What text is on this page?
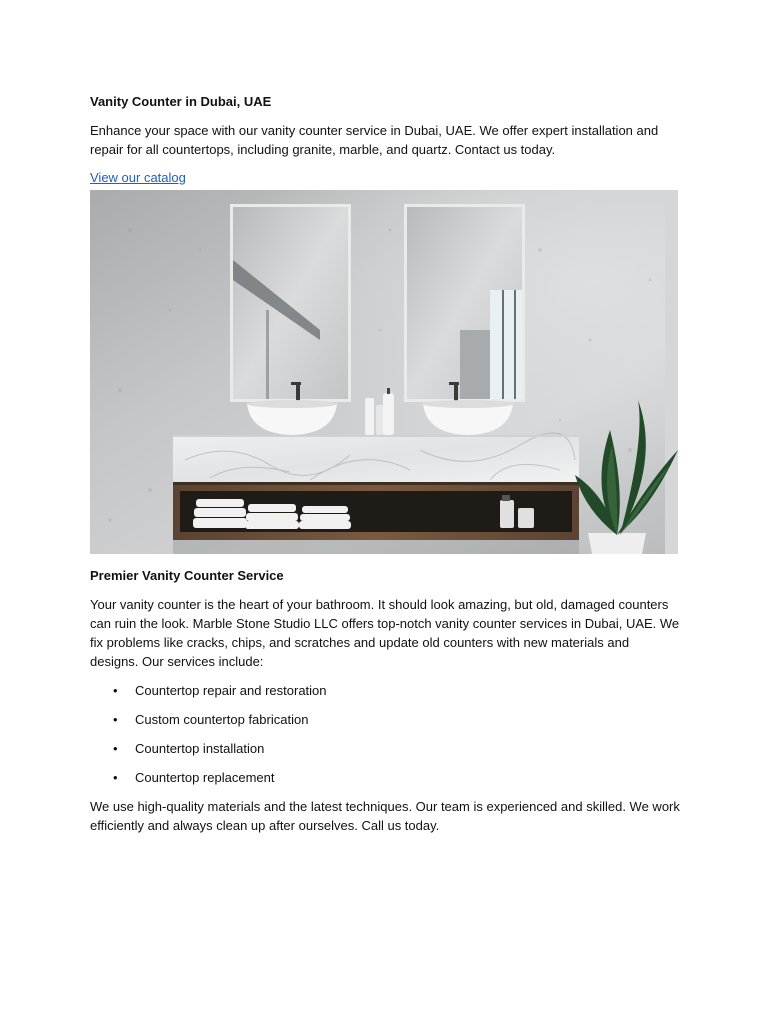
Vanity Counter in Dubai, UAE

Enhance your space with our vanity counter service in Dubai, UAE. We offer expert installation and repair for all countertops, including granite, marble, and quartz. Contact us today.

View our catalog
Premier Vanity Counter Service

Your vanity counter is the heart of your bathroom. It should look amazing, but old, damaged counters can ruin the look. Marble Stone Studio LLC offers top-notch vanity counter services in Dubai, UAE. We fix problems like cracks, chips, and scratches and update old counters with new materials and designs. Our services include:

• Countertop repair and restoration
• Custom countertop fabrication
• Countertop installation
• Countertop replacement

We use high-quality materials and the latest techniques. Our team is experienced and skilled. We work efficiently and always clean up after ourselves. Call us today.
